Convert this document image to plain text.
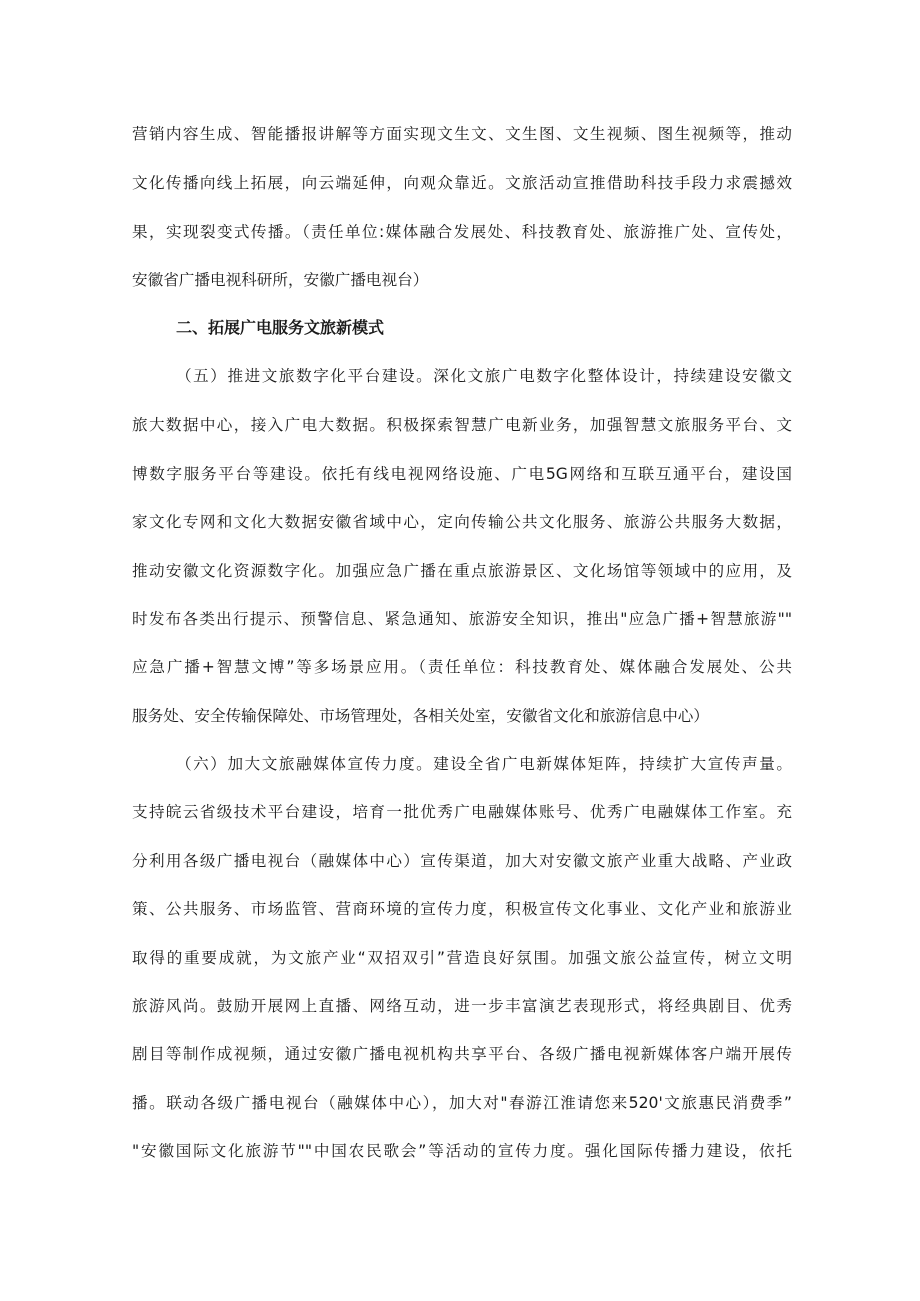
营销内容生成、智能播报讲解等方面实现文生文、文生图、文生视频、图生视频等，推动
文化传播向线上拓展，向云端延伸，向观众靠近。文旅活动宣推借助科技手段力求震撼效
果，实现裂变式传播。（责任单位:媒体融合发展处、科技教育处、旅游推广处、宣传处，
安徽省广播电视科研所，安徽广播电视台）
二、拓展广电服务文旅新模式
（五）推进文旅数字化平台建设。深化文旅广电数字化整体设计，持续建设安徽文
旅大数据中心，接入广电大数据。积极探索智慧广电新业务，加强智慧文旅服务平台、文
博数字服务平台等建设。依托有线电视网络设施、广电5G网络和互联互通平台，建设国
家文化专网和文化大数据安徽省域中心，定向传输公共文化服务、旅游公共服务大数据，
推动安徽文化资源数字化。加强应急广播在重点旅游景区、文化场馆等领域中的应用，及
时发布各类出行提示、预警信息、紧急通知、旅游安全知识，推出"应急广播+智慧旅游""
应急广播+智慧文博”等多场景应用。（责任单位：科技教育处、媒体融合发展处、公共
服务处、安全传输保障处、市场管理处，各相关处室，安徽省文化和旅游信息中心）
（六）加大文旅融媒体宣传力度。建设全省广电新媒体矩阵，持续扩大宣传声量。
支持皖云省级技术平台建设，培育一批优秀广电融媒体账号、优秀广电融媒体工作室。充
分利用各级广播电视台（融媒体中心）宣传渠道，加大对安徽文旅产业重大战略、产业政
策、公共服务、市场监管、营商环境的宣传力度，积极宣传文化事业、文化产业和旅游业
取得的重要成就，为文旅产业“双招双引”营造良好氛围。加强文旅公益宣传，树立文明
旅游风尚。鼓励开展网上直播、网络互动，进一步丰富演艺表现形式，将经典剧目、优秀
剧目等制作成视频，通过安徽广播电视机构共享平台、各级广播电视新媒体客户端开展传
播。联动各级广播电视台（融媒体中心），加大对"春游江淮请您来520'文旅惠民消费季”
"安徽国际文化旅游节""中国农民歌会”等活动的宣传力度。强化国际传播力建设，依托
